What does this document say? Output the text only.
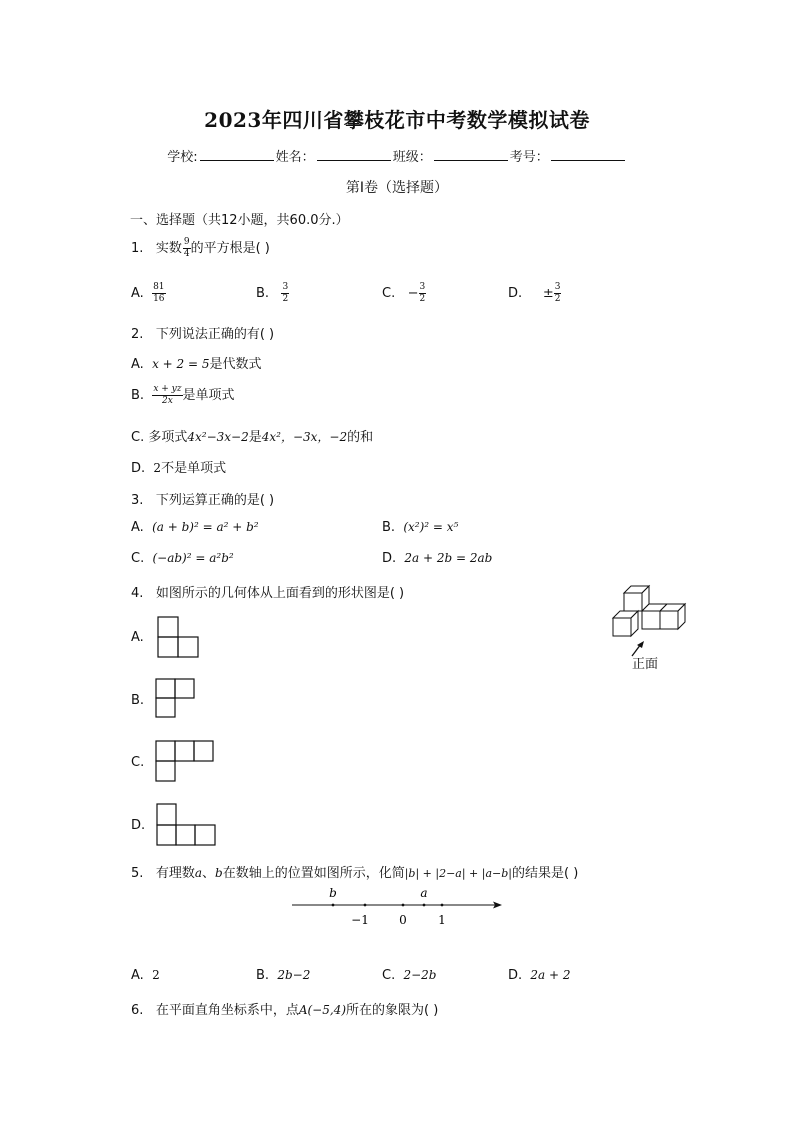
2023年四川省攀枝花市中考数学模拟试卷
学校:	姓名：	班级：	考号：
第I卷（选择题）
一、选择题（共12小题，共60.0分.）
1. 实数 $\frac{9}{4}$ 的平方根是( )
A. $\frac{81}{16}$	B. $\frac{3}{2}$	C. − $\frac{3}{2}$	D. ± $\frac{3}{2}$
2. 下列说法正确的有( )
A. x + 2 = 5是代数式
B. $\frac{x + yz}{2x}$ 是单项式
C. 多项式4x²−3x−2是4x²，−3x，−2的和
D. 2不是单项式
3. 下列运算正确的是( )
A. (a + b)² = a² + b²	B. (x²)² = x⁵
C. (−ab)² = a²b²	D. 2a + 2b = 2ab
4. 如图所示的几何体从上面看到的形状图是( )
正面
A.
B.
C.
D.
5. 有理数a、b在数轴上的位置如图所示，化简|b| + |2−a| + |a−b|的结果是( )
b	a
−1	0	1
A. 2	B. 2b−2	C. 2−2b	D. 2a + 2
6. 在平面直角坐标系中，点A(−5,4)所在的象限为( )
